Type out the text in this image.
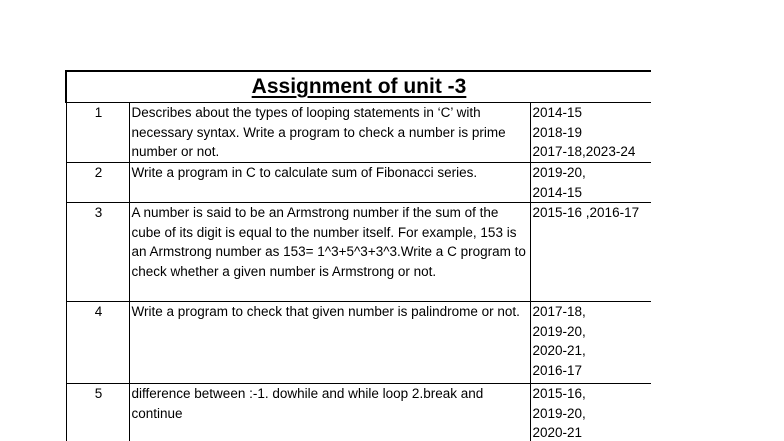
Assignment of unit -3		
1	Describes about the types of looping statements in ‘C’ with necessary syntax. Write a program to check a number is prime number or not.	2014-15
2018-19
2017-18,2023-24

2	Write a program in C to calculate sum of Fibonacci series.	2019-20,
2014-15

3	A number is said to be an Armstrong number if the sum of the cube of its digit is equal to the number itself. For example, 153 is an Armstrong number as 153= 1^3+5^3+3^3.Write a C program to check whether a given number is Armstrong or not.	2015-16 ,2016-17

4	Write a program to check that given number is palindrome or not.	2017-18,
2019-20,
2020-21,
2016-17

5	difference between :-1. dowhile and while loop 2.break and continue	2015-16,
2019-20,
2020-21
